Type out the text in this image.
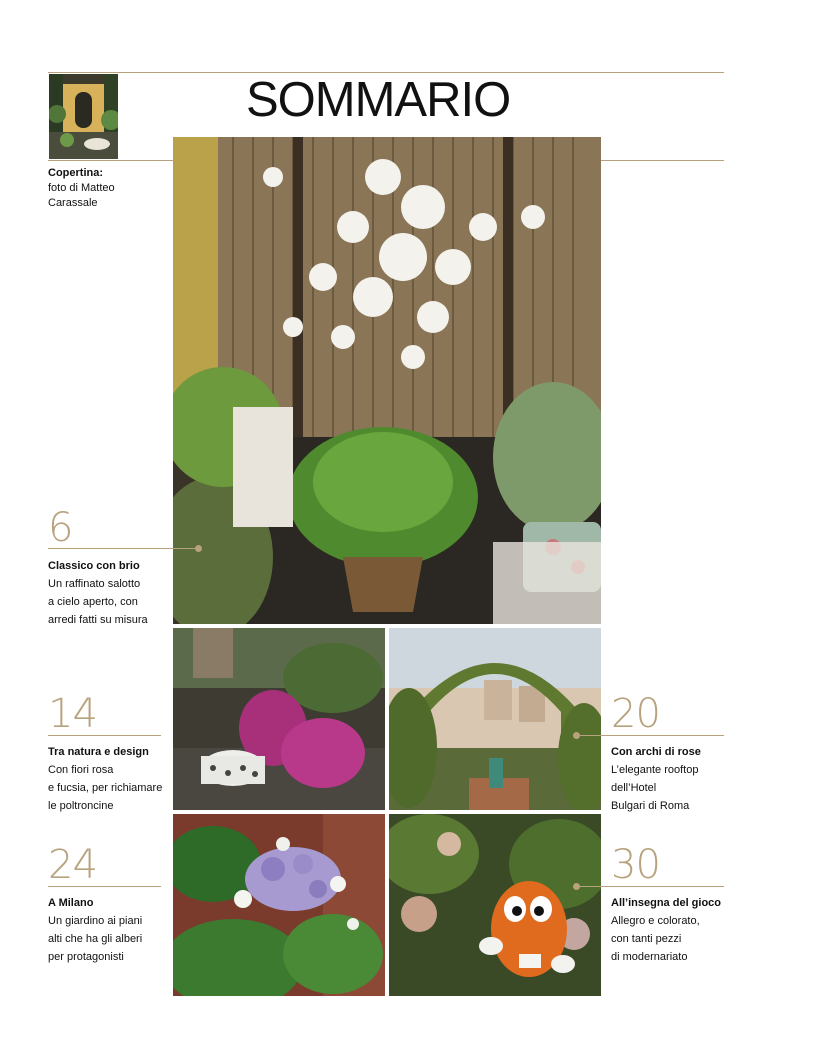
SOMMARIO
Copertina:
foto di Matteo Carassale
6
Classico con brio
Un raffinato salotto
a cielo aperto, con
arredi fatti su misura
14
Tra natura e design
Con fiori rosa
e fucsia, per richiamare
le poltroncine
20
Con archi di rose
L’elegante rooftop
dell’Hotel
Bulgari di Roma
24
A Milano
Un giardino ai piani
alti che ha gli alberi
per protagonisti
30
All’insegna del gioco
Allegro e colorato,
con tanti pezzi
di modernariato
